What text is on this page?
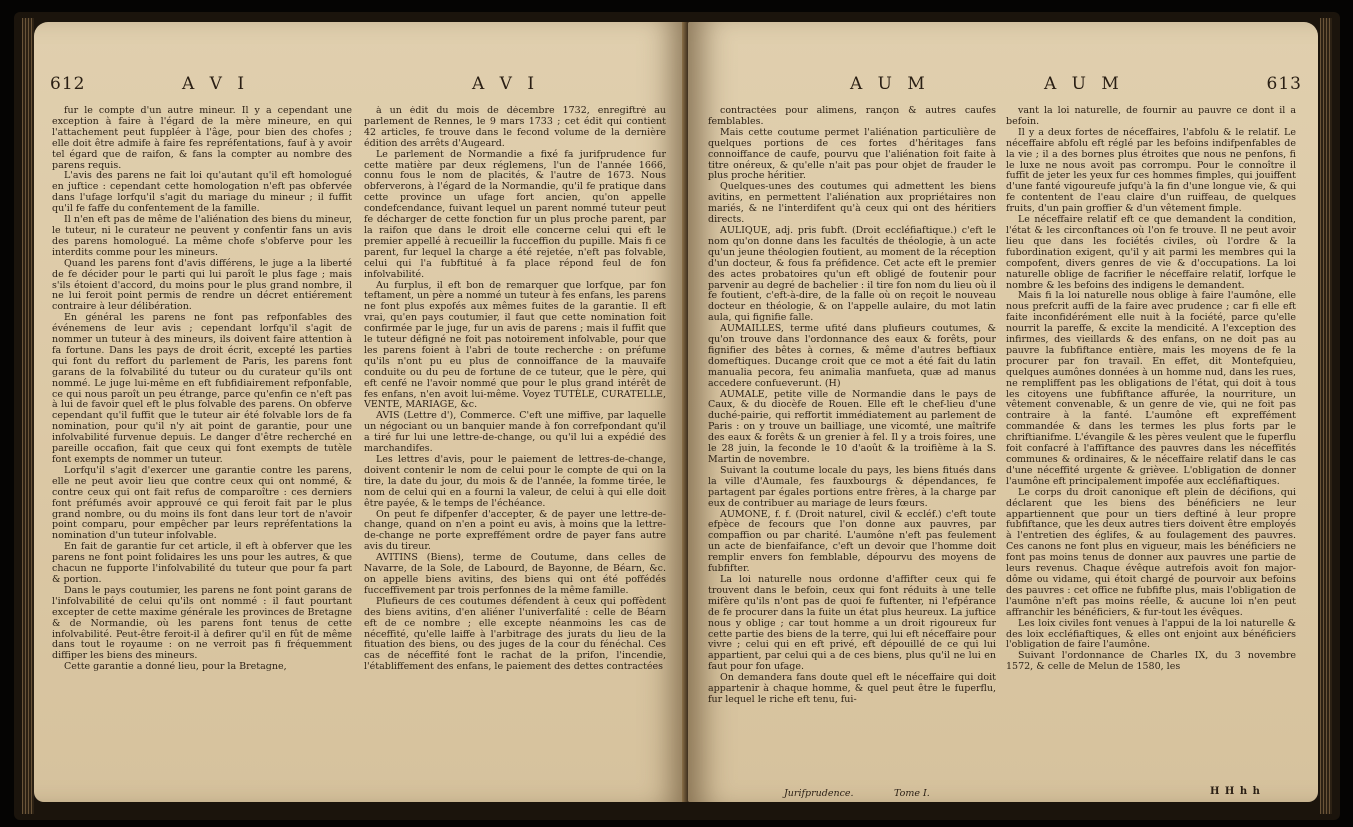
612	A V I	A V I

fur le compte d'un autre mineur. Il y a cependant une exception à faire à l'égard de la mère mineure, en qui l'attachement peut fuppléer à l'âge, pour bien des chofes ; elle doit être admife à faire fes repréfentations, fauf à y avoir tel égard que de raifon, & fans la compter au nombre des parens requis.

L'avis des parens ne fait loi qu'autant qu'il eft homologué en juftice : cependant cette homologation n'eft pas obfervée dans l'ufage lorfqu'il s'agit du mariage du mineur ; il fuffit qu'il fe faffe du confentement de la famille.

Il n'en eft pas de même de l'aliénation des biens du mineur, le tuteur, ni le curateur ne peuvent y confentir fans un avis des parens homologué. La même chofe s'obferve pour les interdits comme pour les mineurs.

Quand les parens font d'avis différens, le juge a la liberté de fe décider pour le parti qui lui paroît le plus fage ; mais s'ils étoient d'accord, du moins pour le plus grand nombre, il ne lui feroit point permis de rendre un décret entiérement contraire à leur délibération.

En général les parens ne font pas refponfables des événemens de leur avis ; cependant lorfqu'il s'agit de nommer un tuteur à des mineurs, ils doivent faire attention à fa fortune. Dans les pays de droit écrit, excepté les parties qui font du reffort du parlement de Paris, les parens font garans de la folvabilité du tuteur ou du curateur qu'ils ont nommé. Le juge lui-même en eft fubfidiairement refponfable, ce qui nous paroît un peu étrange, parce qu'enfin ce n'eft pas à lui de favoir quel eft le plus folvable des parens. On obferve cependant qu'il fuffit que le tuteur air été folvable lors de fa nomination, pour qu'il n'y ait point de garantie, pour une infolvabilité furvenue depuis. Le danger d'être recherché en pareille occafion, fait que ceux qui font exempts de tutèle font exempts de nommer un tuteur.

Lorfqu'il s'agit d'exercer une garantie contre les parens, elle ne peut avoir lieu que contre ceux qui ont nommé, & contre ceux qui ont fait refus de comparoître : ces derniers font préfumés avoir approuvé ce qui feroit fait par le plus grand nombre, ou du moins ils font dans leur tort de n'avoir point comparu, pour empêcher par leurs repréfentations la nomination d'un tuteur infolvable.

En fait de garantie fur cet article, il eft à obferver que les parens ne font point folidaires les uns pour les autres, & que chacun ne fupporte l'infolvabilité du tuteur que pour fa part & portion.

Dans le pays coutumier, les parens ne font point garans de l'infolvabilité de celui qu'ils ont nommé : il faut pourtant excepter de cette maxime générale les provinces de Bretagne & de Normandie, où les parens font tenus de cette infolvabilité. Peut-être feroit-il à defirer qu'il en fût de même dans tout le royaume : on ne verroit pas fi fréquemment diffiper les biens des mineurs.

Cette garantie a donné lieu, pour la Bretagne,

à un édit du mois de décembre 1732, enregiftré au parlement de Rennes, le 9 mars 1733 ; cet édit qui contient 42 articles, fe trouve dans le fecond volume de la dernière édition des arrêts d'Augeard.

Le parlement de Normandie a fixé fa jurifprudence fur cette matière par deux réglemens, l'un de l'année 1666, connu fous le nom de placités, & l'autre de 1673. Nous obferverons, à l'égard de la Normandie, qu'il fe pratique dans cette province un ufage fort ancien, qu'on appelle condefcendance, fuivant lequel un parent nommé tuteur peut fe décharger de cette fonction fur un plus proche parent, par la raifon que dans le droit elle concerne celui qui eft le premier appellé à recueillir la fucceffion du pupille. Mais fi ce parent, fur lequel la charge a été rejetée, n'eft pas folvable, celui qui l'a fubftitué à fa place répond feul de fon infolvabilité.

Au furplus, il eft bon de remarquer que lorfque, par fon teftament, un père a nommé un tuteur à fes enfans, les parens ne font plus expofés aux mêmes fuites de la garantie. Il eft vrai, qu'en pays coutumier, il faut que cette nomination foit confirmée par le juge, fur un avis de parens ; mais il fuffit que le tuteur défigné ne foit pas notoirement infolvable, pour que les parens foient à l'abri de toute recherche : on préfume qu'ils n'ont pu eu plus de connoiffance de la mauvaife conduite ou du peu de fortune de ce tuteur, que le père, qui eft cenfé ne l'avoir nommé que pour le plus grand intérêt de fes enfans, n'en avoit lui-même. Voyez TUTÈLE, CURATELLE, VENTE, MARIAGE, &c.

AVIS (Lettre d'), Commerce. C'eft une miffive, par laquelle un négociant ou un banquier mande à fon correfpondant qu'il a tiré fur lui une lettre-de-change, ou qu'il lui a expédié des marchandifes.

Les lettres d'avis, pour le paiement de lettres-de-change, doivent contenir le nom de celui pour le compte de qui on la tire, la date du jour, du mois & de l'année, la fomme tirée, le nom de celui qui en a fourni la valeur, de celui à qui elle doit être payée, & le temps de l'échéance.

On peut fe difpenfer d'accepter, & de payer une lettre-de-change, quand on n'en a point eu avis, à moins que la lettre-de-change ne porte expreffément ordre de payer fans autre avis du tireur.

AVITINS (Biens), terme de Coutume, dans celles de Navarre, de la Sole, de Labourd, de Bayonne, de Béarn, &c. on appelle biens avitins, des biens qui ont été poffédés fucceffivement par trois perfonnes de la même famille.

Plufieurs de ces coutumes défendent à ceux qui poffèdent des biens avitins, d'en aliéner l'univerfalité : celle de Béarn eft de ce nombre ; elle excepte néanmoins les cas de néceffité, qu'elle laiffe à l'arbitrage des jurats du lieu de la fituation des biens, ou des juges de la cour du fénéchal. Ces cas de néceffité font le rachat de la prifon, l'incendie, l'établiffement des enfans, le paiement des dettes contractées

A U M	A U M	613

contractées pour alimens, rançon & autres caufes femblables.

Mais cette coutume permet l'aliénation particulière de quelques portions de ces fortes d'héritages fans connoiffance de caufe, pourvu que l'aliénation foit faite à titre onéreux, & qu'elle n'ait pas pour objet de frauder le plus proche héritier.

Quelques-unes des coutumes qui admettent les biens avitins, en permettent l'aliénation aux propriétaires non mariés, & ne l'interdifent qu'à ceux qui ont des héritiers directs.

AULIQUE, adj. pris fubft. (Droit eccléfiaftique.) c'eft le nom qu'on donne dans les facultés de théologie, à un acte qu'un jeune théologien foutient, au moment de la réception d'un docteur, & fous fa préfidence. Cet acte eft le premier des actes probatoires qu'un eft obligé de foutenir pour parvenir au degré de bachelier : il tire fon nom du lieu où il fe foutient, c'eft-à-dire, de la falle où on reçoit le nouveau docteur en théologie, & on l'appelle aulaire, du mot latin aula, qui fignifie falle.

AUMAILLES, terme ufité dans plufieurs coutumes, & qu'on trouve dans l'ordonnance des eaux & forêts, pour fignifier des bêtes à cornes, & même d'autres beftiaux domeftiques. Ducange croit que ce mot a été fait du latin manualia pecora, feu animalia manfueta, quæ ad manus accedere confueverunt. (H)

AUMALE, petite ville de Normandie dans le pays de Caux, & du diocèfe de Rouen. Elle eft le chef-lieu d'une duché-pairie, qui reffortit immédiatement au parlement de Paris : on y trouve un bailliage, une vicomté, une maîtrife des eaux & forêts & un grenier à fel. Il y a trois foires, une le 28 juin, la feconde le 10 d'août & la troifième à la S. Martin de novembre.

Suivant la coutume locale du pays, les biens fitués dans la ville d'Aumale, fes fauxbourgs & dépendances, fe partagent par égales portions entre frères, à la charge par eux de contribuer au mariage de leurs fœurs.

AUMONE, f. f. (Droit naturel, civil & eccléf.) c'eft toute efpèce de fecours que l'on donne aux pauvres, par compaffion ou par charité. L'aumône n'eft pas feulement un acte de bienfaifance, c'eft un devoir que l'homme doit remplir envers fon femblable, dépourvu des moyens de fubfifter.

La loi naturelle nous ordonne d'affifter ceux qui fe trouvent dans le befoin, ceux qui font réduits à une telle mifère qu'ils n'ont pas de quoi fe fuftenter, ni l'efpérance de fe procurer dans la fuite un état plus heureux. La juftice nous y oblige ; car tout homme a un droit rigoureux fur cette partie des biens de la terre, qui lui eft néceffaire pour vivre ; celui qui en eft privé, eft dépouillé de ce qui lui appartient, par celui qui a de ces biens, plus qu'il ne lui en faut pour fon ufage.

On demandera fans doute quel eft le néceffaire qui doit appartenir à chaque homme, & quel peut être le fuperflu, fur lequel le riche eft tenu, fui-

vant la loi naturelle, de fournir au pauvre ce dont il a befoin.

Il y a deux fortes de néceffaires, l'abfolu & le relatif. Le néceffaire abfolu eft réglé par les befoins indifpenfables de la vie ; il a des bornes plus étroites que nous ne penfons, fi le luxe ne nous avoit pas corrompu. Pour le connoître il fuffit de jeter les yeux fur ces hommes fimples, qui jouiffent d'une fanté vigoureufe jufqu'à la fin d'une longue vie, & qui fe contentent de l'eau claire d'un ruiffeau, de quelques fruits, d'un pain groffier & d'un vêtement fimple.

Le néceffaire relatif eft ce que demandent la condition, l'état & les circonftances où l'on fe trouve. Il ne peut avoir lieu que dans les fociétés civiles, où l'ordre & la fubordination exigent, qu'il y ait parmi les membres qui la compofent, divers genres de vie & d'occupations. La loi naturelle oblige de facrifier le néceffaire relatif, lorfque le nombre & les befoins des indigens le demandent.

Mais fi la loi naturelle nous oblige à faire l'aumône, elle nous prefcrit auffi de la faire avec prudence ; car fi elle eft faite inconfidérément elle nuit à la fociété, parce qu'elle nourrit la pareffe, & excite la mendicité. A l'exception des infirmes, des vieillards & des enfans, on ne doit pas au pauvre la fubfiftance entière, mais les moyens de fe la procurer par fon travail. En effet, dit Montefquieu, quelques aumônes données à un homme nud, dans les rues, ne rempliffent pas les obligations de l'état, qui doit à tous les citoyens une fubfiftance affurée, la nourriture, un vêtement convenable, & un genre de vie, qui ne foit pas contraire à la fanté. L'aumône eft expreffément commandée & dans les termes les plus forts par le chriftianifme. L'évangile & les pères veulent que le fuperflu foit confacré à l'affiftance des pauvres dans les néceffités communes & ordinaires, & le néceffaire relatif dans le cas d'une néceffité urgente & grièvee. L'obligation de donner l'aumône eft principalement impofée aux eccléfiaftiques.

Le corps du droit canonique eft plein de décifions, qui déclarent que les biens des bénéficiers ne leur appartiennent que pour un tiers deftiné à leur propre fubfiftance, que les deux autres tiers doivent être employés à l'entretien des églifes, & au foulagement des pauvres. Ces canons ne font plus en vigueur, mais les bénéficiers ne font pas moins tenus de donner aux pauvres une partie de leurs revenus. Chaque évêque autrefois avoit fon major-dôme ou vidame, qui étoit chargé de pourvoir aux befoins des pauvres : cet office ne fubfifte plus, mais l'obligation de l'aumône n'eft pas moins réelle, & aucune loi n'en peut affranchir les bénéficiers, & fur-tout les évêques.

Les loix civiles font venues à l'appui de la loi naturelle & des loix eccléfiaftiques, & elles ont enjoint aux bénéficiers l'obligation de faire l'aumône.

Suivant l'ordonnance de Charles IX, du 3 novembre 1572, & celle de Melun de 1580, les

Jurifprudence.	Tome I.	H H h h
